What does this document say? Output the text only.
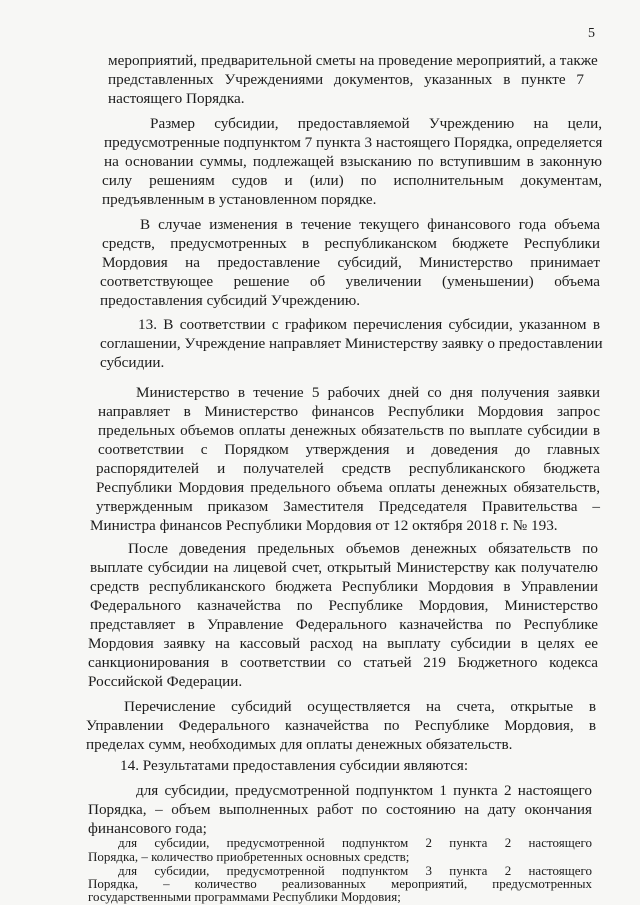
5
мероприятий, предварительной сметы на проведение мероприятий, а также
представленных Учреждениями документов, указанных в пункте 7
настоящего Порядка.
Размер субсидии, предоставляемой Учреждению на цели,
предусмотренные подпунктом 7 пункта 3 настоящего Порядка, определяется
на основании суммы, подлежащей взысканию по вступившим в законную
силу решениям судов и (или) по исполнительным документам,
предъявленным в установленном порядке.
В случае изменения в течение текущего финансового года объема
средств, предусмотренных в республиканском бюджете Республики
Мордовия на предоставление субсидий, Министерство принимает
соответствующее решение об увеличении (уменьшении) объема
предоставления субсидий Учреждению.
13. В соответствии с графиком перечисления субсидии, указанном в
соглашении, Учреждение направляет Министерству заявку о предоставлении
субсидии.
Министерство в течение 5 рабочих дней со дня получения заявки
направляет в Министерство финансов Республики Мордовия запрос
предельных объемов оплаты денежных обязательств по выплате субсидии в
соответствии с Порядком утверждения и доведения до главных
распорядителей и получателей средств республиканского бюджета
Республики Мордовия предельного объема оплаты денежных обязательств,
утвержденным приказом Заместителя Председателя Правительства –
Министра финансов Республики Мордовия от 12 октября 2018 г. № 193.
После доведения предельных объемов денежных обязательств по
выплате субсидии на лицевой счет, открытый Министерству как получателю
средств республиканского бюджета Республики Мордовия в Управлении
Федерального казначейства по Республике Мордовия, Министерство
представляет в Управление Федерального казначейства по Республике
Мордовия заявку на кассовый расход на выплату субсидии в целях ее
санкционирования в соответствии со статьей 219 Бюджетного кодекса
Российской Федерации.
Перечисление субсидий осуществляется на счета, открытые в
Управлении Федерального казначейства по Республике Мордовия, в
пределах сумм, необходимых для оплаты денежных обязательств.
14. Результатами предоставления субсидии являются:
для субсидии, предусмотренной подпунктом 1 пункта 2 настоящего
Порядка, – объем выполненных работ по состоянию на дату окончания
финансового года;
для субсидии, предусмотренной подпунктом 2 пункта 2 настоящего
Порядка, – количество приобретенных основных средств;
для субсидии, предусмотренной подпунктом 3 пункта 2 настоящего
Порядка, – количество реализованных мероприятий, предусмотренных
государственными программами Республики Мордовия;
